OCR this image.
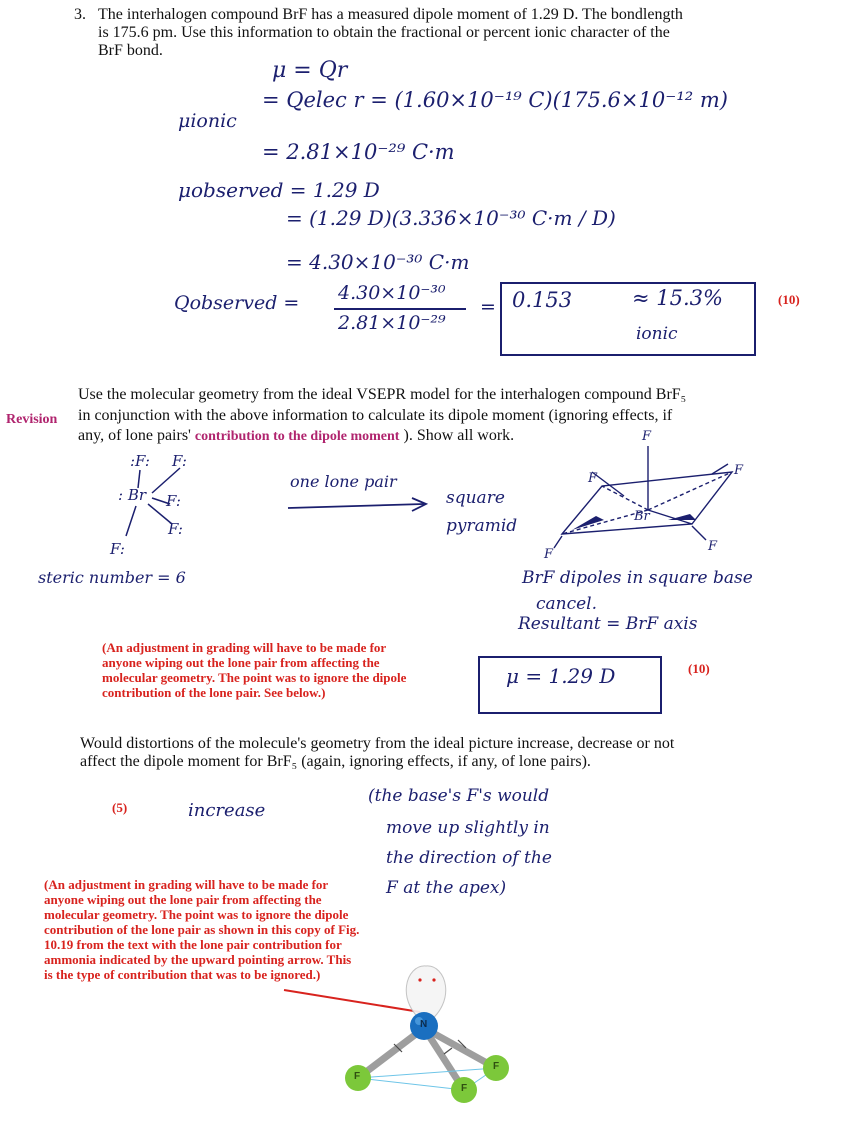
3. The interhalogen compound BrF has a measured dipole moment of 1.29 D. The bondlength
is 175.6 pm. Use this information to obtain the fractional or percent ionic character of the
BrF bond.
μ = Qr
μionic
= Qelec r = (1.60×10⁻¹⁹ C)(175.6×10⁻¹² m)
= 2.81×10⁻²⁹ C·m
μobserved = 1.29 D
= (1.29 D)(3.336×10⁻³⁰ C·m / D)
= 4.30×10⁻³⁰ C·m
Qobserved = 4.30×10⁻³⁰
2.81×10⁻²⁹
= 0.153	≈ 15.3%
ionic
(10)
Use the molecular geometry from the ideal VSEPR model for the interhalogen compound BrF₅
Revision in conjunction with the above information to calculate its dipole moment (ignoring effects, if
any, of lone pairs' contribution to the dipole moment ). Show all work.
:F: F:
: Br F:
F:
F:
steric number = 6
one lone pair
square pyramid
F
F
F
Br
F
F
BrF dipoles in square base
cancel.
Resultant = BrF axis
(An adjustment in grading will have to be made for anyone wiping out the lone pair from affecting the molecular geometry. The point was to ignore the dipole contribution of the lone pair. See below.)
μ = 1.29 D	(10)
Would distortions of the molecule's geometry from the ideal picture increase, decrease or not
affect the dipole moment for BrF₅ (again, ignoring effects, if any, of lone pairs).
(5)	increase
(the base's F's would
move up slightly in
the direction of the
F at the apex)
(An adjustment in grading will have to be made for anyone wiping out the lone pair from affecting the molecular geometry. The point was to ignore the dipole contribution of the lone pair as shown in this copy of Fig. 10.19 from the text with the lone pair contribution for ammonia indicated by the upward pointing arrow. This is the type of contribution that was to be ignored.)
N
F
F
F
